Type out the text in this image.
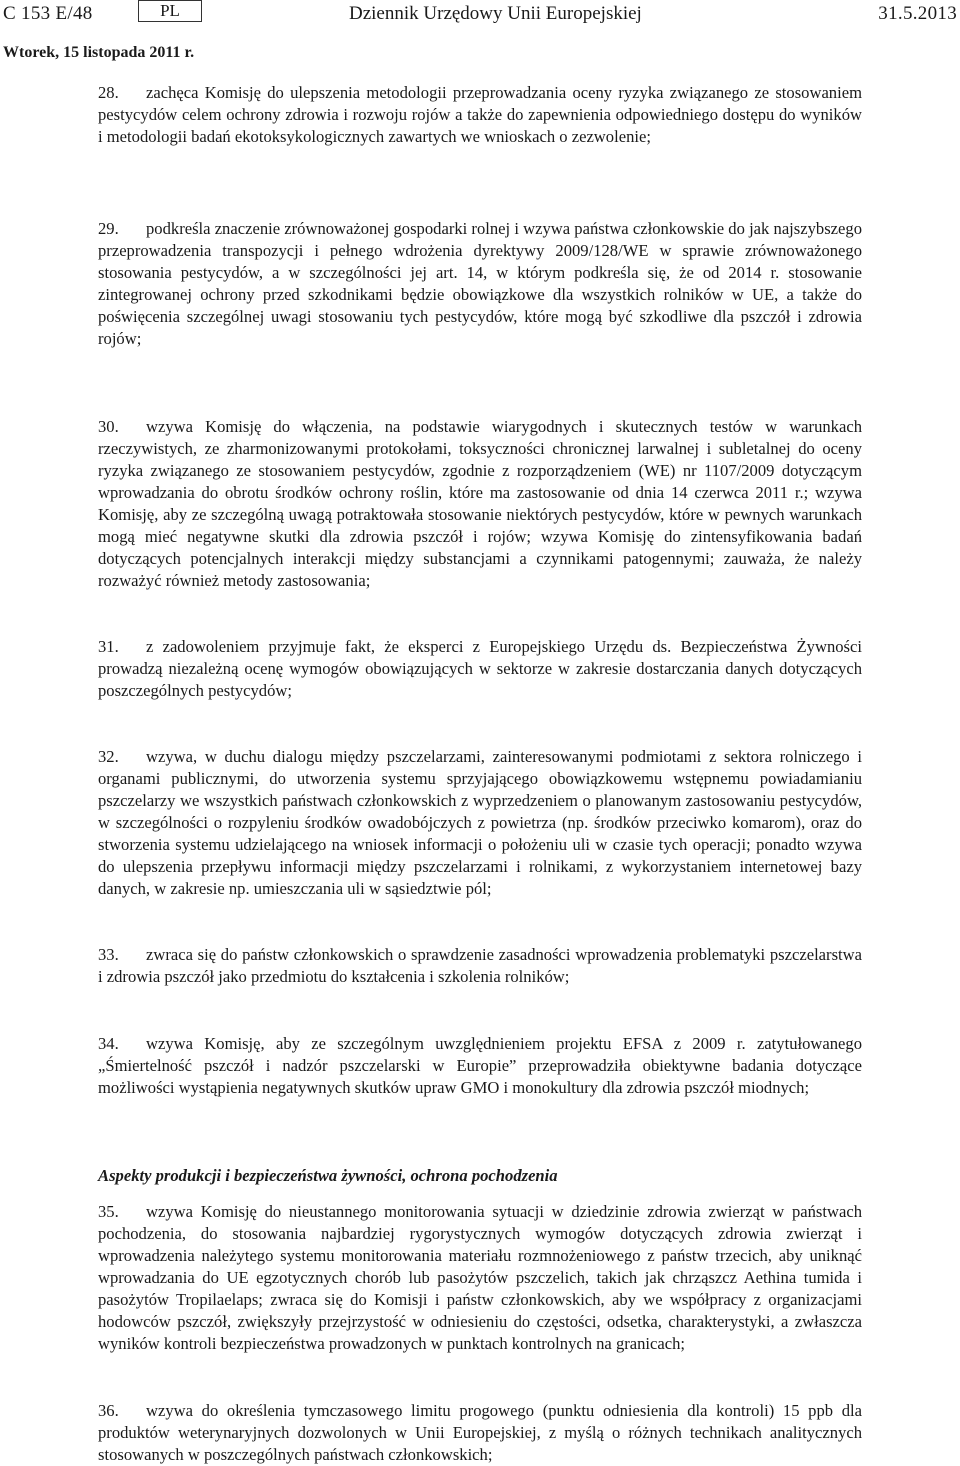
C 153 E/48	PL	Dziennik Urzędowy Unii Europejskiej	31.5.2013
Wtorek, 15 listopada 2011 r.

28. zachęca Komisję do ulepszenia metodologii przeprowadzania oceny ryzyka związanego ze stosowaniem pestycydów celem ochrony zdrowia i rozwoju rojów a także do zapewnienia odpowiedniego dostępu do wyników i metodologii badań ekotoksykologicznych zawartych we wnioskach o zezwolenie;

29. podkreśla znaczenie zrównoważonej gospodarki rolnej i wzywa państwa członkowskie do jak najszybszego przeprowadzenia transpozycji i pełnego wdrożenia dyrektywy 2009/128/WE w sprawie zrównoważonego stosowania pestycydów, a w szczególności jej art. 14, w którym podkreśla się, że od 2014 r. stosowanie zintegrowanej ochrony przed szkodnikami będzie obowiązkowe dla wszystkich rolników w UE, a także do poświęcenia szczególnej uwagi stosowaniu tych pestycydów, które mogą być szkodliwe dla pszczół i zdrowia rojów;

30. wzywa Komisję do włączenia, na podstawie wiarygodnych i skutecznych testów w warunkach rzeczywistych, ze zharmonizowanymi protokołami, toksyczności chronicznej larwalnej i subletalnej do oceny ryzyka związanego ze stosowaniem pestycydów, zgodnie z rozporządzeniem (WE) nr 1107/2009 dotyczącym wprowadzania do obrotu środków ochrony roślin, które ma zastosowanie od dnia 14 czerwca 2011 r.; wzywa Komisję, aby ze szczególną uwagą potraktowała stosowanie niektórych pestycydów, które w pewnych warunkach mogą mieć negatywne skutki dla zdrowia pszczół i rojów; wzywa Komisję do zintensyfikowania badań dotyczących potencjalnych interakcji między substancjami a czynnikami patogennymi; zauważa, że należy rozważyć również metody zastosowania;

31. z zadowoleniem przyjmuje fakt, że eksperci z Europejskiego Urzędu ds. Bezpieczeństwa Żywności prowadzą niezależną ocenę wymogów obowiązujących w sektorze w zakresie dostarczania danych dotyczących poszczególnych pestycydów;

32. wzywa, w duchu dialogu między pszczelarzami, zainteresowanymi podmiotami z sektora rolniczego i organami publicznymi, do utworzenia systemu sprzyjającego obowiązkowemu wstępnemu powiadamianiu pszczelarzy we wszystkich państwach członkowskich z wyprzedzeniem o planowanym zastosowaniu pestycydów, w szczególności o rozpyleniu środków owadobójczych z powietrza (np. środków przeciwko komarom), oraz do stworzenia systemu udzielającego na wniosek informacji o położeniu uli w czasie tych operacji; ponadto wzywa do ulepszenia przepływu informacji między pszczelarzami i rolnikami, z wykorzystaniem internetowej bazy danych, w zakresie np. umieszczania uli w sąsiedztwie pól;

33. zwraca się do państw członkowskich o sprawdzenie zasadności wprowadzenia problematyki pszczelarstwa i zdrowia pszczół jako przedmiotu do kształcenia i szkolenia rolników;

34. wzywa Komisję, aby ze szczególnym uwzględnieniem projektu EFSA z 2009 r. zatytułowanego „Śmiertelność pszczół i nadzór pszczelarski w Europie” przeprowadziła obiektywne badania dotyczące możliwości wystąpienia negatywnych skutków upraw GMO i monokultury dla zdrowia pszczół miodnych;

Aspekty produkcji i bezpieczeństwa żywności, ochrona pochodzenia

35. wzywa Komisję do nieustannego monitorowania sytuacji w dziedzinie zdrowia zwierząt w państwach pochodzenia, do stosowania najbardziej rygorystycznych wymogów dotyczących zdrowia zwierząt i wprowadzenia należytego systemu monitorowania materiału rozmnożeniowego z państw trzecich, aby uniknąć wprowadzania do UE egzotycznych chorób lub pasożytów pszczelich, takich jak chrząszcz Aethina tumida i pasożytów Tropilaelaps; zwraca się do Komisji i państw członkowskich, aby we współpracy z organizacjami hodowców pszczół, zwiększyły przejrzystość w odniesieniu do częstości, odsetka, charakterystyki, a zwłaszcza wyników kontroli bezpieczeństwa prowadzonych w punktach kontrolnych na granicach;

36. wzywa do określenia tymczasowego limitu progowego (punktu odniesienia dla kontroli) 15 ppb dla produktów weterynaryjnych dozwolonych w Unii Europejskiej, z myślą o różnych technikach analitycznych stosowanych w poszczególnych państwach członkowskich;
